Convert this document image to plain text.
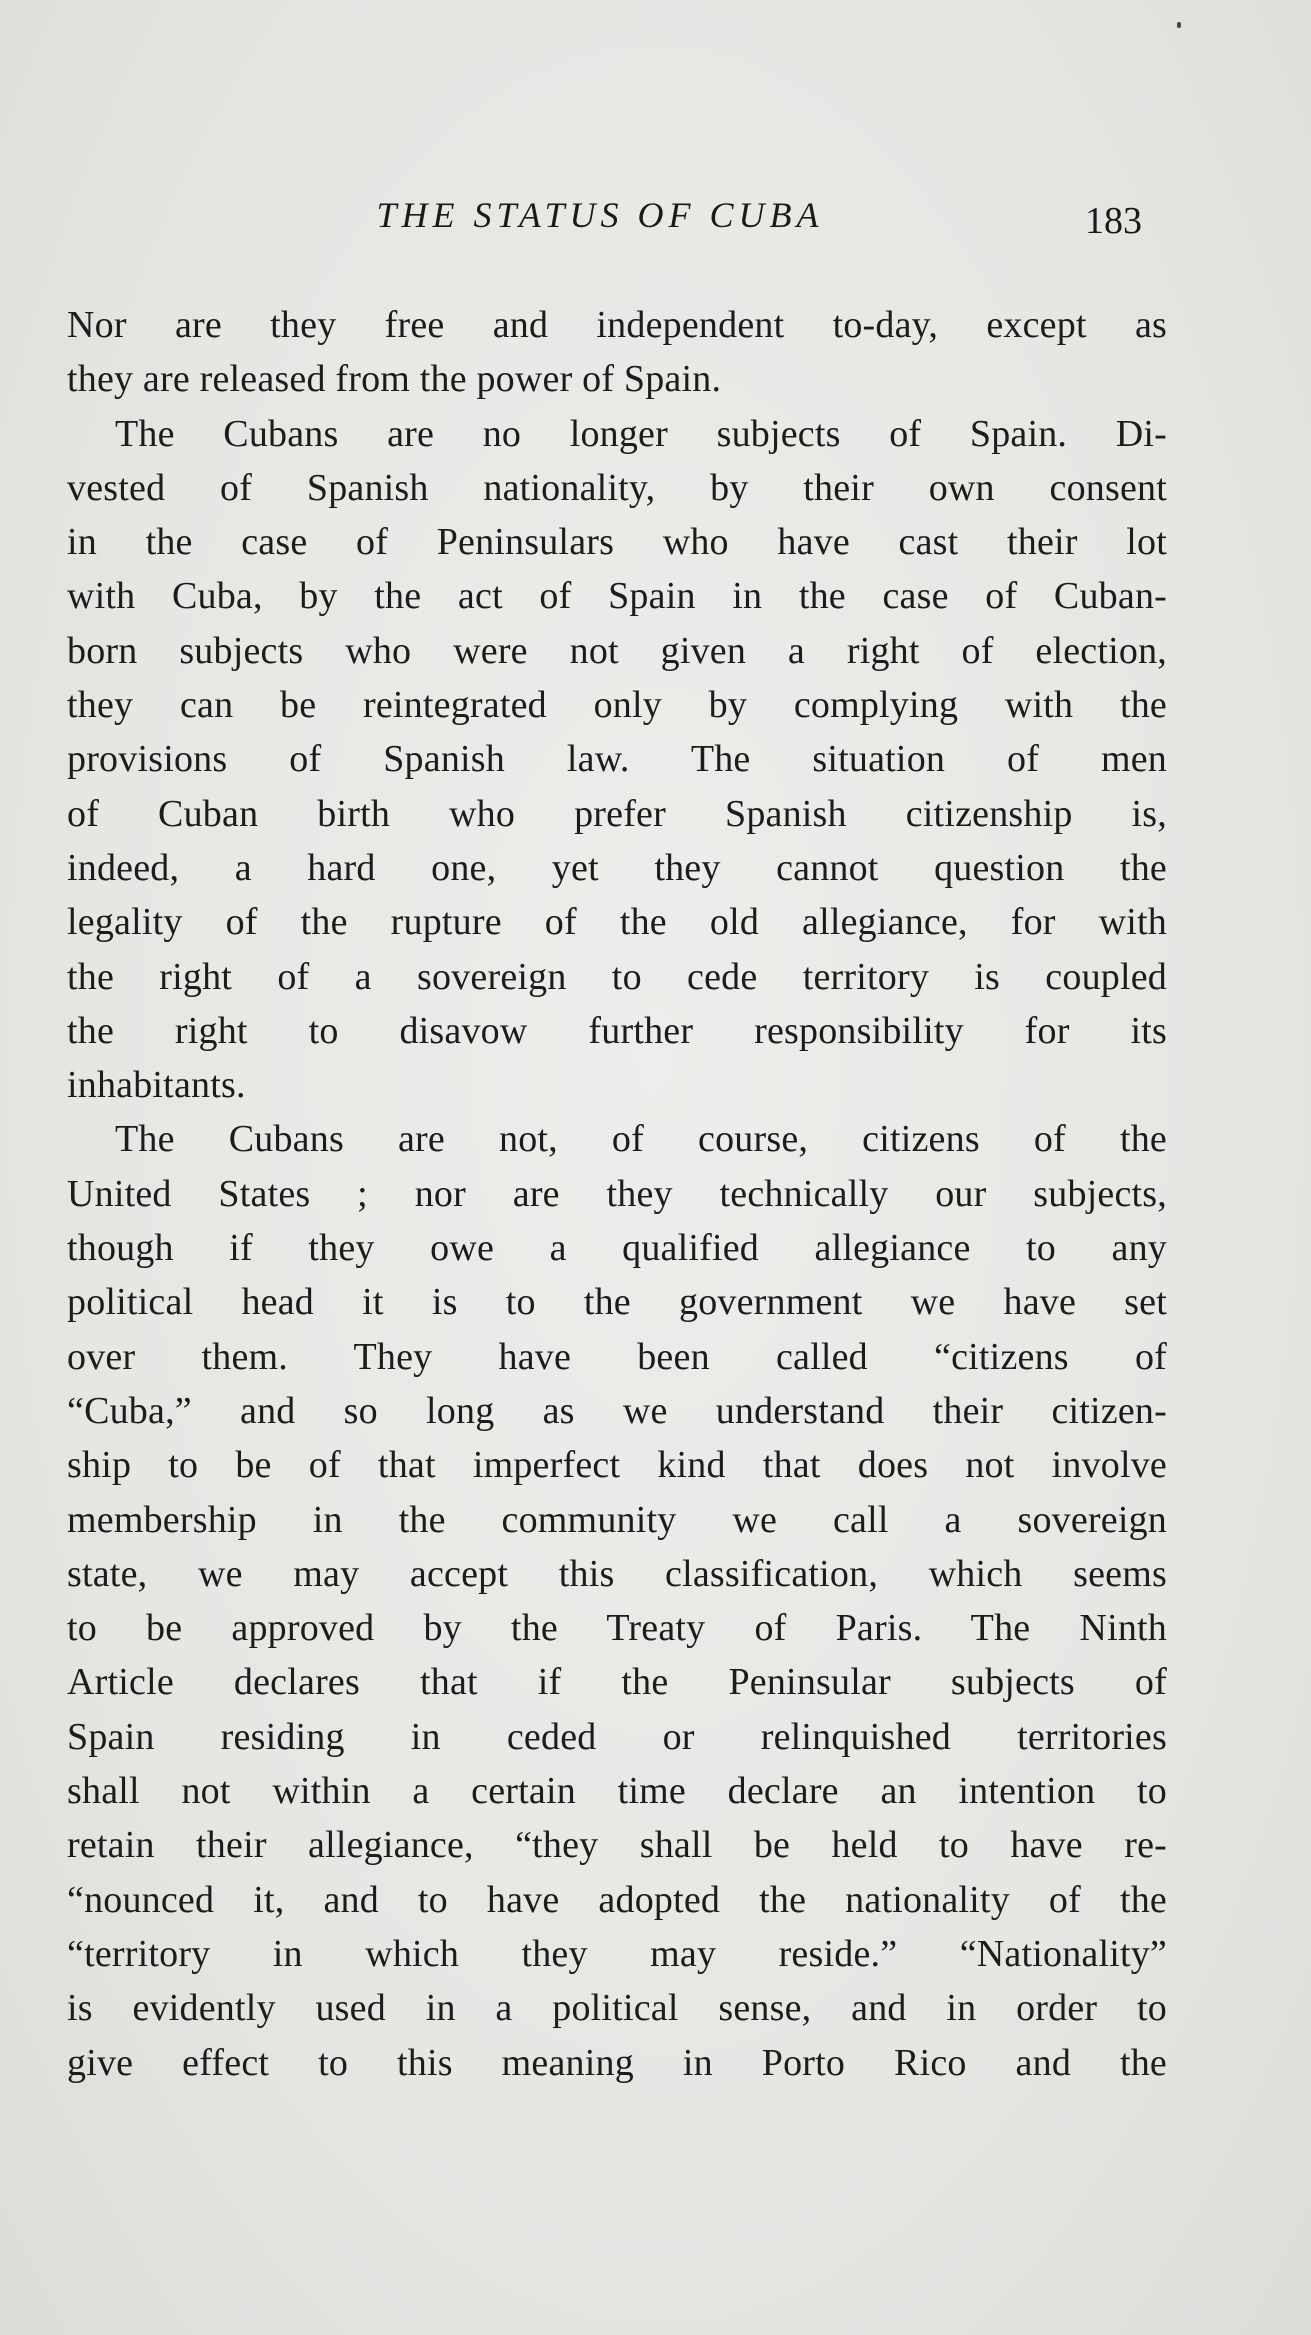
THE STATUS OF CUBA	183
Nor are they free and independent to-day, except as
they are released from the power of Spain.
The Cubans are no longer subjects of Spain. Di-
vested of Spanish nationality, by their own consent
in the case of Peninsulars who have cast their lot
with Cuba, by the act of Spain in the case of Cuban-
born subjects who were not given a right of election,
they can be reintegrated only by complying with the
provisions of Spanish law. The situation of men
of Cuban birth who prefer Spanish citizenship is,
indeed, a hard one, yet they cannot question the
legality of the rupture of the old allegiance, for with
the right of a sovereign to cede territory is coupled
the right to disavow further responsibility for its
inhabitants.
The Cubans are not, of course, citizens of the
United States ; nor are they technically our subjects,
though if they owe a qualified allegiance to any
political head it is to the government we have set
over them. They have been called “citizens of
“Cuba,” and so long as we understand their citizen-
ship to be of that imperfect kind that does not involve
membership in the community we call a sovereign
state, we may accept this classification, which seems
to be approved by the Treaty of Paris. The Ninth
Article declares that if the Peninsular subjects of
Spain residing in ceded or relinquished territories
shall not within a certain time declare an intention to
retain their allegiance, “they shall be held to have re-
“nounced it, and to have adopted the nationality of the
“territory in which they may reside.” “Nationality”
is evidently used in a political sense, and in order to
give effect to this meaning in Porto Rico and the
